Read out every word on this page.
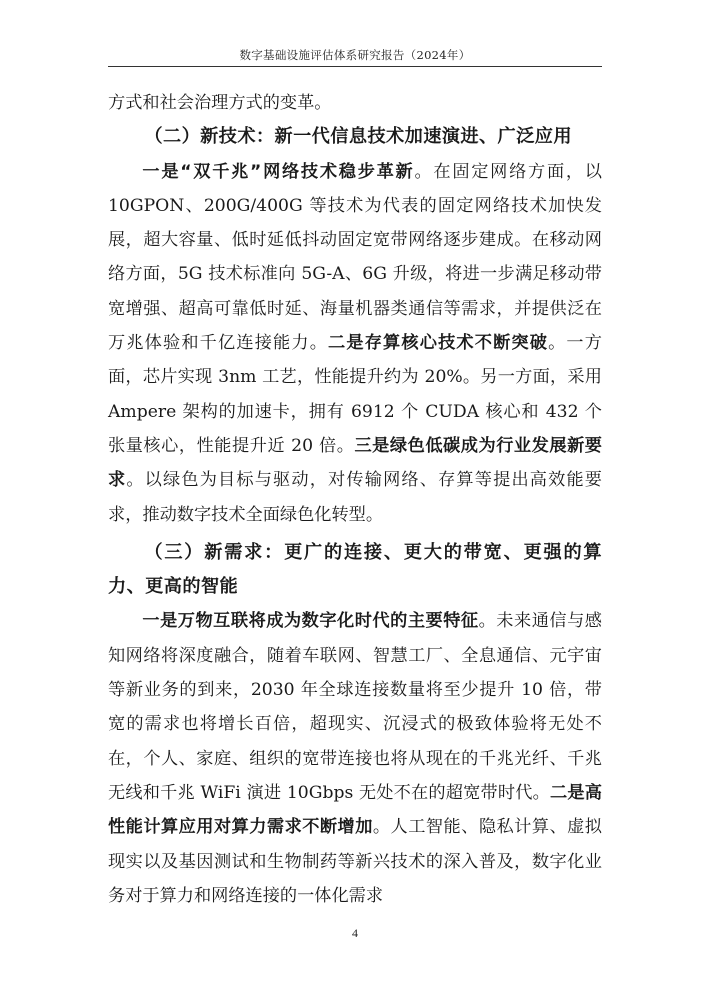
数字基础设施评估体系研究报告（2024年）

方式和社会治理方式的变革。

（二）新技术：新一代信息技术加速演进、广泛应用

一是“双千兆”网络技术稳步革新。在固定网络方面，以 10GPON、200G/400G 等技术为代表的固定网络技术加快发展，超大容量、低时延低抖动固定宽带网络逐步建成。在移动网络方面，5G 技术标准向 5G-A、6G 升级，将进一步满足移动带宽增强、超高可靠低时延、海量机器类通信等需求，并提供泛在万兆体验和千亿连接能力。二是存算核心技术不断突破。一方面，芯片实现 3nm 工艺，性能提升约为 20%。另一方面，采用 Ampere 架构的加速卡，拥有 6912 个 CUDA 核心和 432 个张量核心，性能提升近 20 倍。三是绿色低碳成为行业发展新要求。以绿色为目标与驱动，对传输网络、存算等提出高效能要求，推动数字技术全面绿色化转型。

（三）新需求：更广的连接、更大的带宽、更强的算力、更高的智能

一是万物互联将成为数字化时代的主要特征。未来通信与感知网络将深度融合，随着车联网、智慧工厂、全息通信、元宇宙等新业务的到来，2030 年全球连接数量将至少提升 10 倍，带宽的需求也将增长百倍，超现实、沉浸式的极致体验将无处不在，个人、家庭、组织的宽带连接也将从现在的千兆光纤、千兆无线和千兆 WiFi 演进 10Gbps 无处不在的超宽带时代。二是高性能计算应用对算力需求不断增加。人工智能、隐私计算、虚拟现实以及基因测试和生物制药等新兴技术的深入普及，数字化业务对于算力和网络连接的一体化需求

4
